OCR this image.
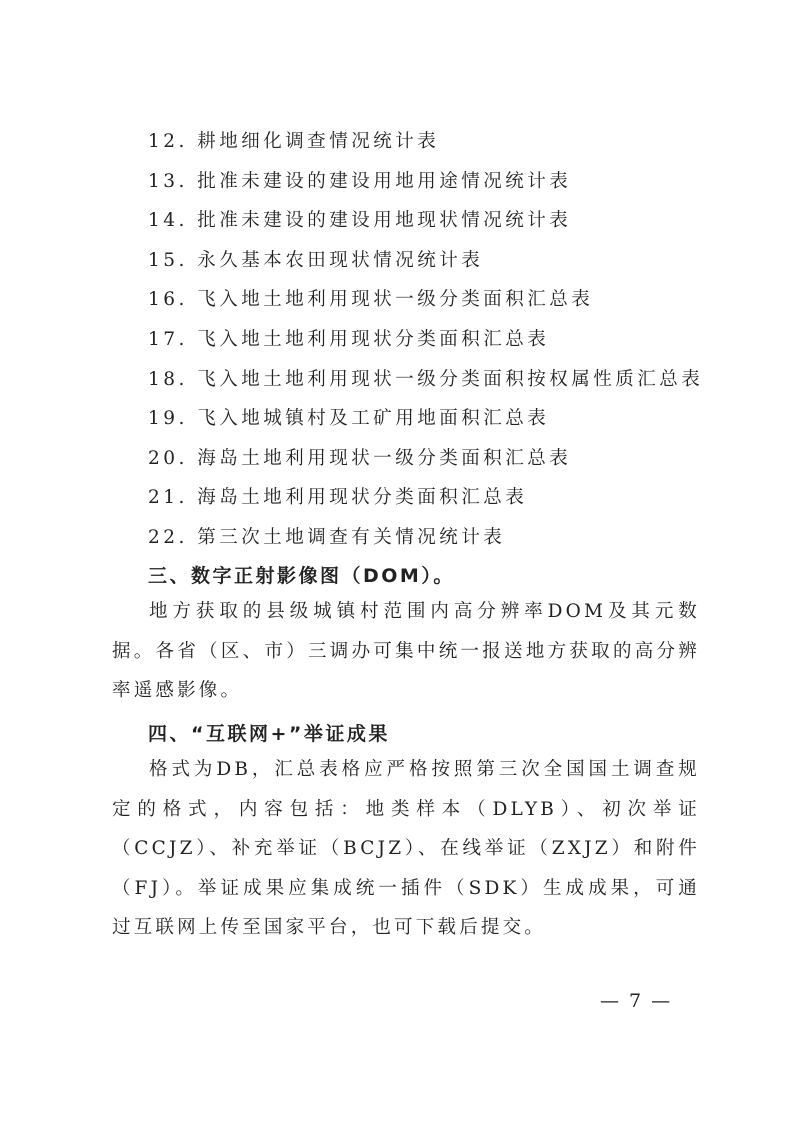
12. 耕地细化调查情况统计表
13. 批准未建设的建设用地用途情况统计表
14. 批准未建设的建设用地现状情况统计表
15. 永久基本农田现状情况统计表
16. 飞入地土地利用现状一级分类面积汇总表
17. 飞入地土地利用现状分类面积汇总表
18. 飞入地土地利用现状一级分类面积按权属性质汇总表
19. 飞入地城镇村及工矿用地面积汇总表
20. 海岛土地利用现状一级分类面积汇总表
21. 海岛土地利用现状分类面积汇总表
22. 第三次土地调查有关情况统计表
三、数字正射影像图（DOM）。
地方获取的县级城镇村范围内高分辨率DOM及其元数据。各省（区、市）三调办可集中统一报送地方获取的高分辨率遥感影像。
四、“互联网+”举证成果
格式为DB，汇总表格应严格按照第三次全国国土调查规定的格式，内容包括：地类样本（DLYB）、初次举证（CCJZ）、补充举证（BCJZ）、在线举证（ZXJZ）和附件（FJ）。举证成果应集成统一插件（SDK）生成成果，可通过互联网上传至国家平台，也可下载后提交。
— 7 —
